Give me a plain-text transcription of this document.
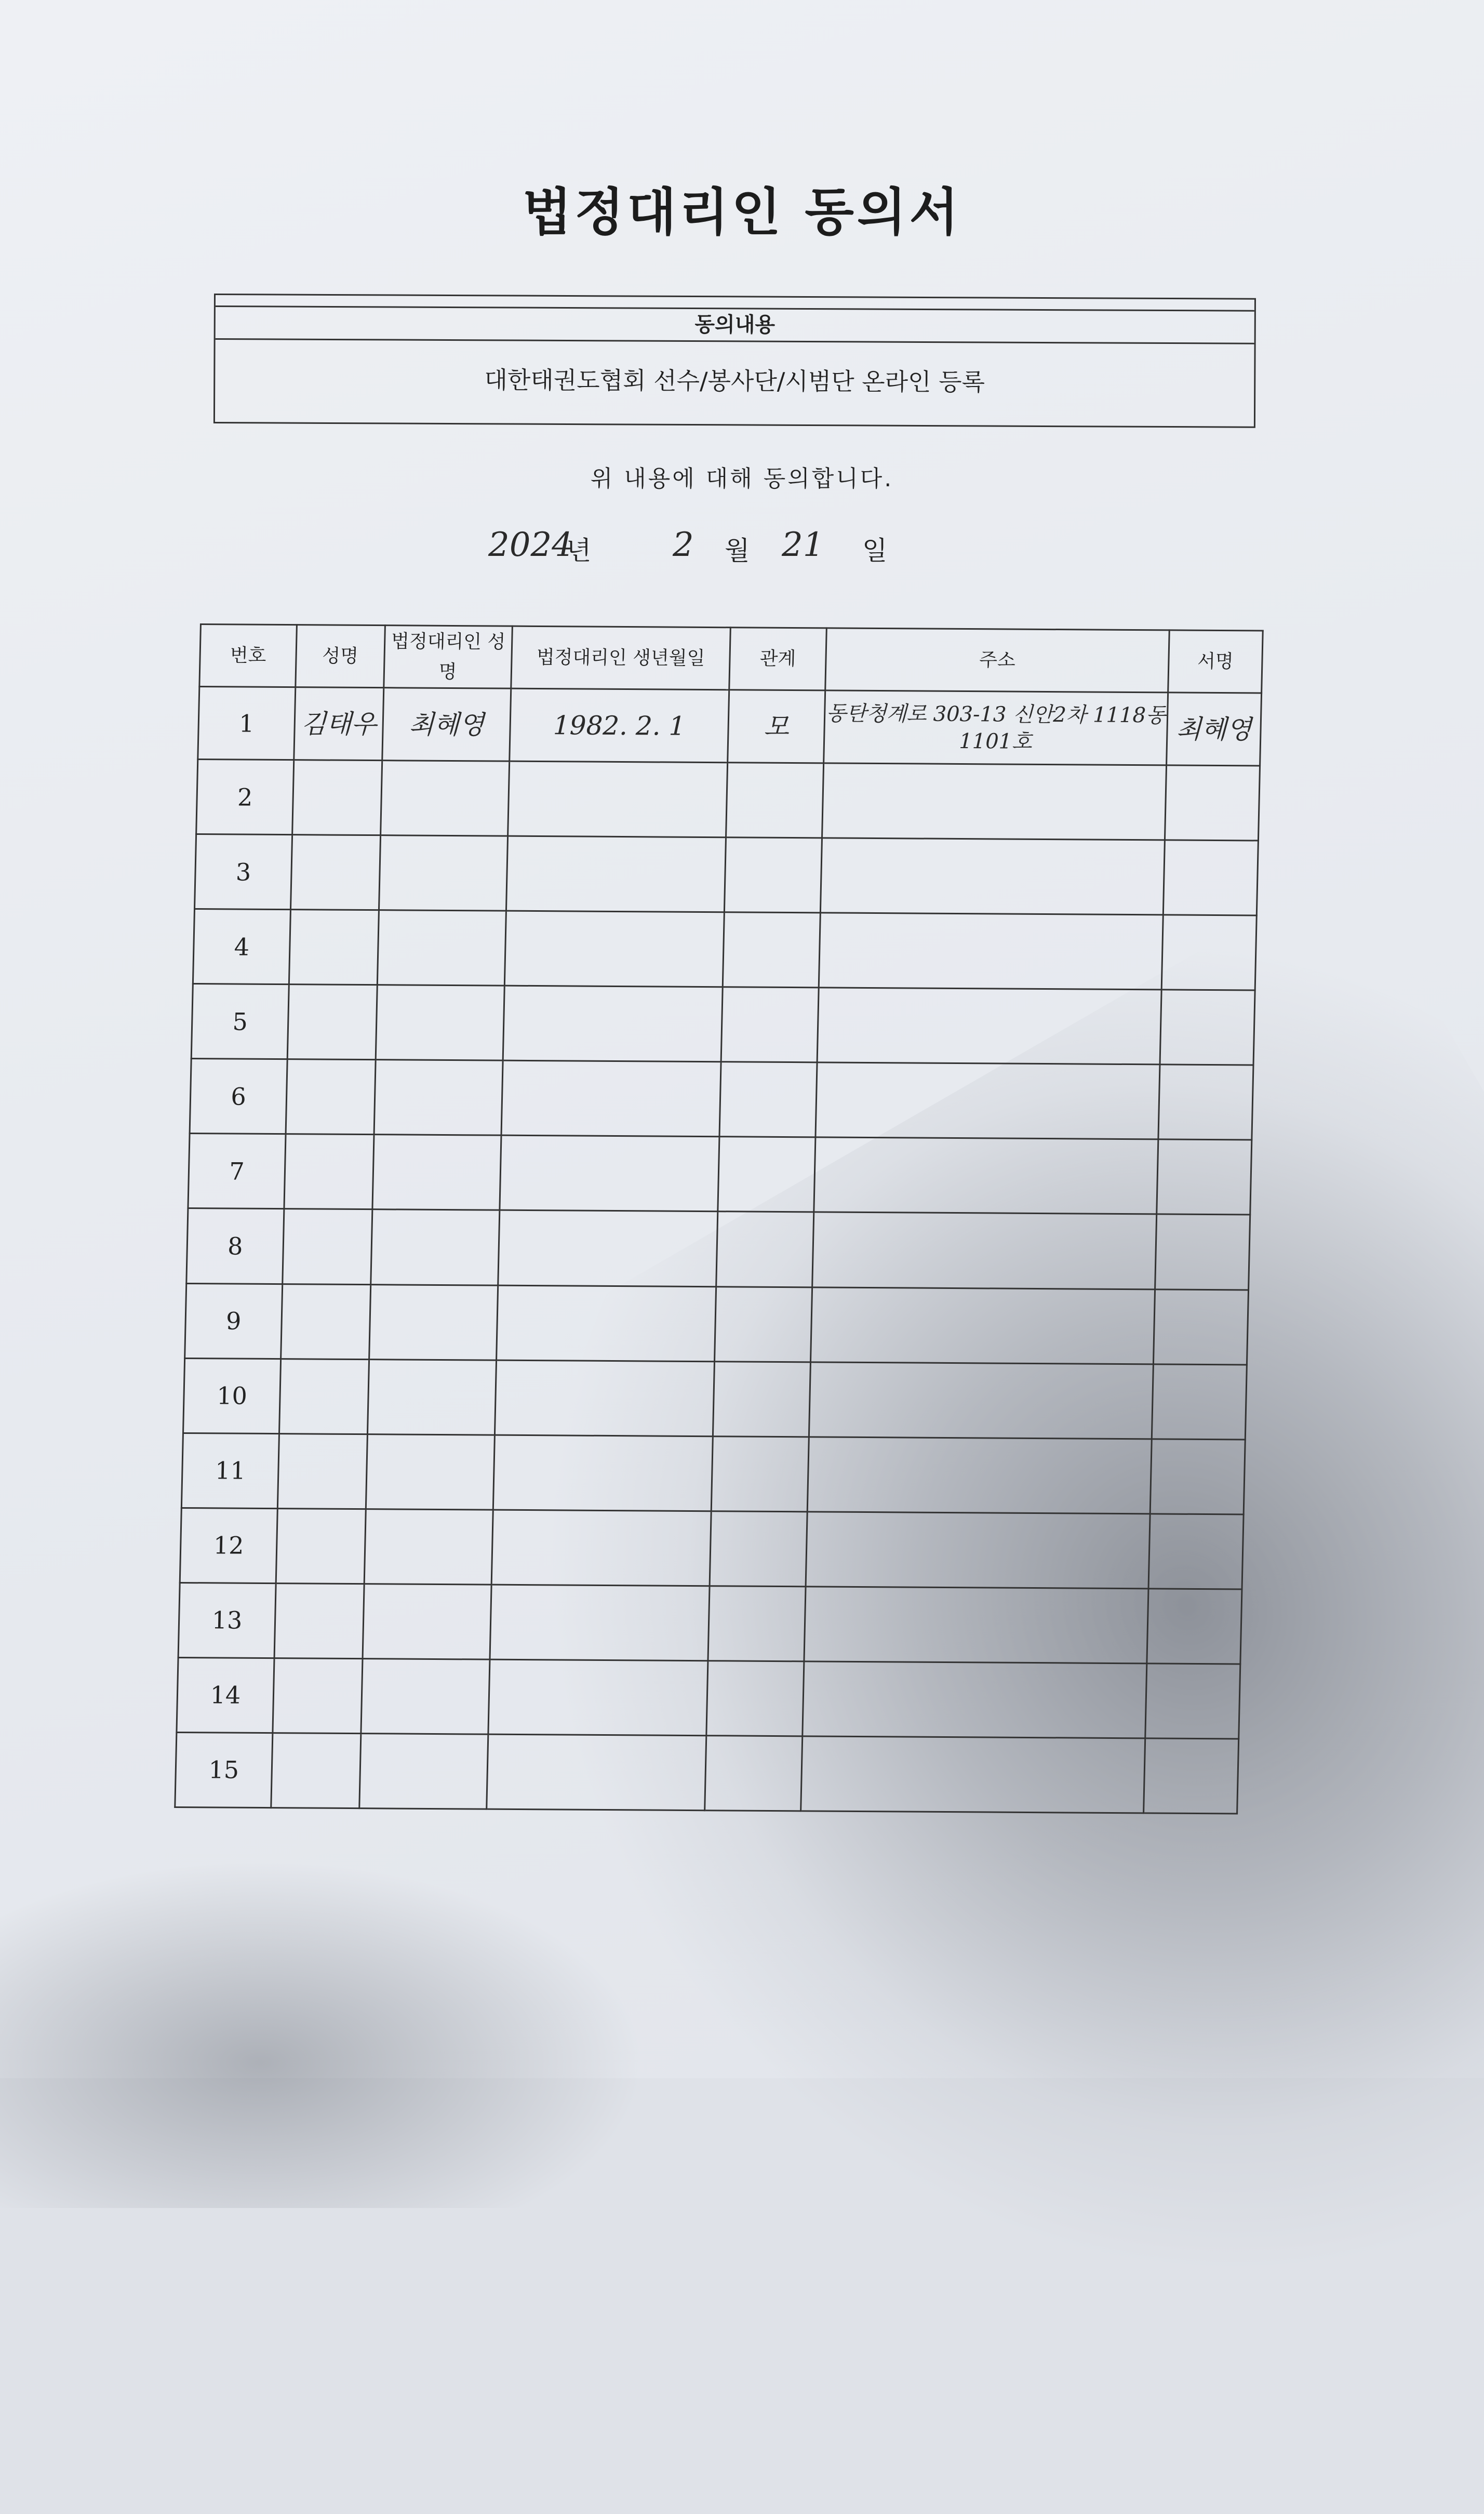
법정대리인 동의서
동의내용
대한태권도협회 선수/봉사단/시범단 온라인 등록
위 내용에 대해 동의합니다.
2024
년 2 월 21 일
번호	성명	법정대리인 성명	법정대리인 생년월일	관계	주소	서명
1	김태우	최혜영	1982. 2. 1	모	동탄청계로 303-13 신안2차 1118동 1101호	최혜영
2						
3						
4						
5						
6						
7						
8						
9						
10						
11						
12						
13						
14						
15						
